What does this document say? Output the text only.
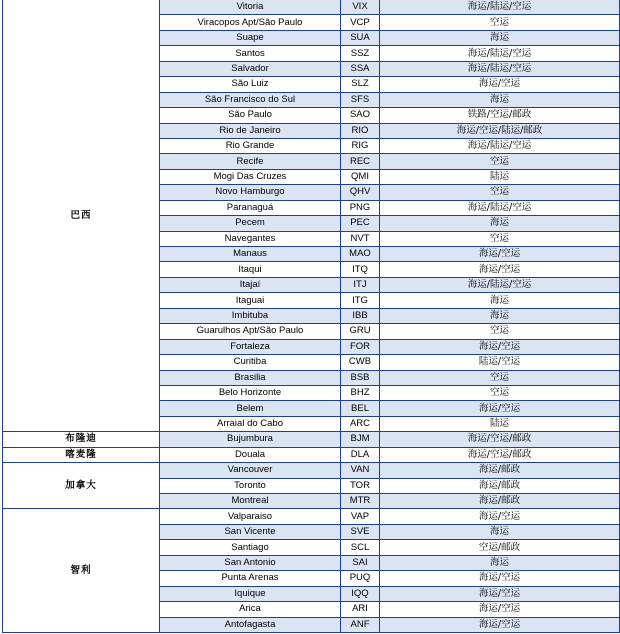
巴西	Vitoria	VIX	海运/陆运/空运
	Viracopos Apt/São Paulo	VCP	空运
	Suape	SUA	海运
	Santos	SSZ	海运/陆运/空运
	Salvador	SSA	海运/陆运/空运
	São Luiz	SLZ	海运/空运
	São Francisco do Sul	SFS	海运
	São Paulo	SAO	铁路/空运/邮政
	Rio de Janeiro	RIO	海运/空运/陆运/邮政
	Rio Grande	RIG	海运/陆运/空运
	Recife	REC	空运
	Mogi Das Cruzes	QMI	陆运
	Novo Hamburgo	QHV	空运
	Paranaguá	PNG	海运/陆运/空运
	Pecem	PEC	海运
	Navegantes	NVT	空运
	Manaus	MAO	海运/空运
	Itaqui	ITQ	海运/空运
	Itajaí	ITJ	海运/陆运/空运
	Itaguai	ITG	海运
	Imbituba	IBB	海运
	Guarulhos Apt/São Paulo	GRU	空运
	Fortaleza	FOR	海运/空运
	Curitiba	CWB	陆运/空运
	Brasilia	BSB	空运
	Belo Horizonte	BHZ	空运
	Belem	BEL	海运/空运
	Arraial do Cabo	ARC	陆运
布隆迪	Bujumbura	BJM	海运/空运/邮政
喀麦隆	Douala	DLA	海运/空运/邮政
加拿大	Vancouver	VAN	海运/邮政
	Toronto	TOR	海运/邮政
	Montreal	MTR	海运/邮政
智利	Valparaiso	VAP	海运/空运
	San Vicente	SVE	海运
	Santiago	SCL	空运/邮政
	San Antonio	SAI	海运
	Punta Arenas	PUQ	海运/空运
	Iquique	IQQ	海运/空运
	Arica	ARI	海运/空运
	Antofagasta	ANF	海运/空运
